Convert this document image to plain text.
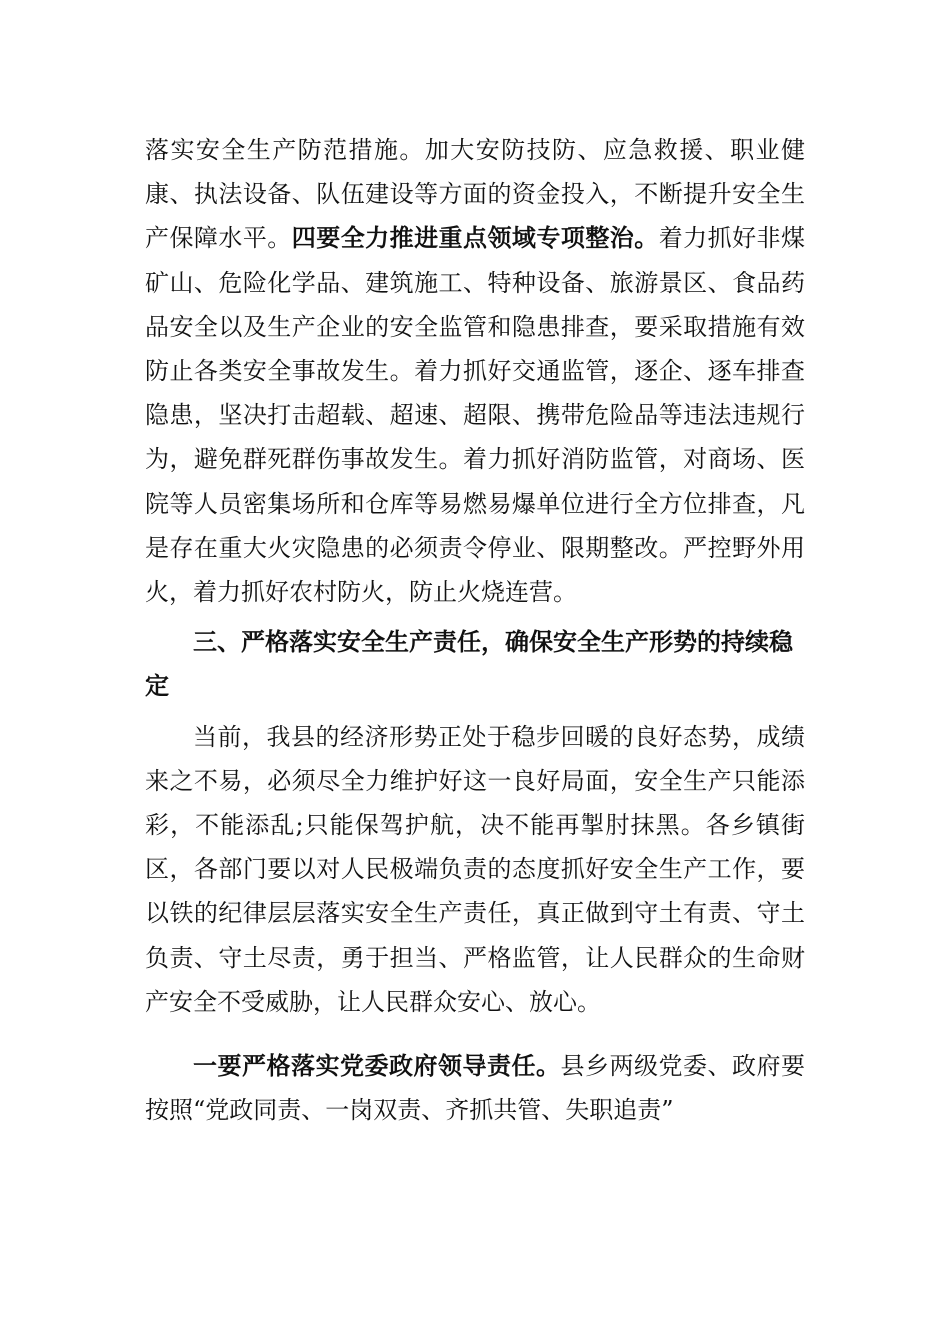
落实安全生产防范措施。加大安防技防、应急救援、职业健康、执法设备、队伍建设等方面的资金投入，不断提升安全生产保障水平。四要全力推进重点领域专项整治。着力抓好非煤矿山、危险化学品、建筑施工、特种设备、旅游景区、食品药品安全以及生产企业的安全监管和隐患排查，要采取措施有效防止各类安全事故发生。着力抓好交通监管，逐企、逐车排查隐患，坚决打击超载、超速、超限、携带危险品等违法违规行为，避免群死群伤事故发生。着力抓好消防监管，对商场、医院等人员密集场所和仓库等易燃易爆单位进行全方位排查，凡是存在重大火灾隐患的必须责令停业、限期整改。严控野外用火，着力抓好农村防火，防止火烧连营。

三、严格落实安全生产责任，确保安全生产形势的持续稳定

当前，我县的经济形势正处于稳步回暖的良好态势，成绩来之不易，必须尽全力维护好这一良好局面，安全生产只能添彩，不能添乱;只能保驾护航，决不能再掣肘抹黑。各乡镇街区，各部门要以对人民极端负责的态度抓好安全生产工作，要以铁的纪律层层落实安全生产责任，真正做到守土有责、守土负责、守土尽责，勇于担当、严格监管，让人民群众的生命财产安全不受威胁，让人民群众安心、放心。

一要严格落实党委政府领导责任。县乡两级党委、政府要按照“党政同责、一岗双责、齐抓共管、失职追责”
